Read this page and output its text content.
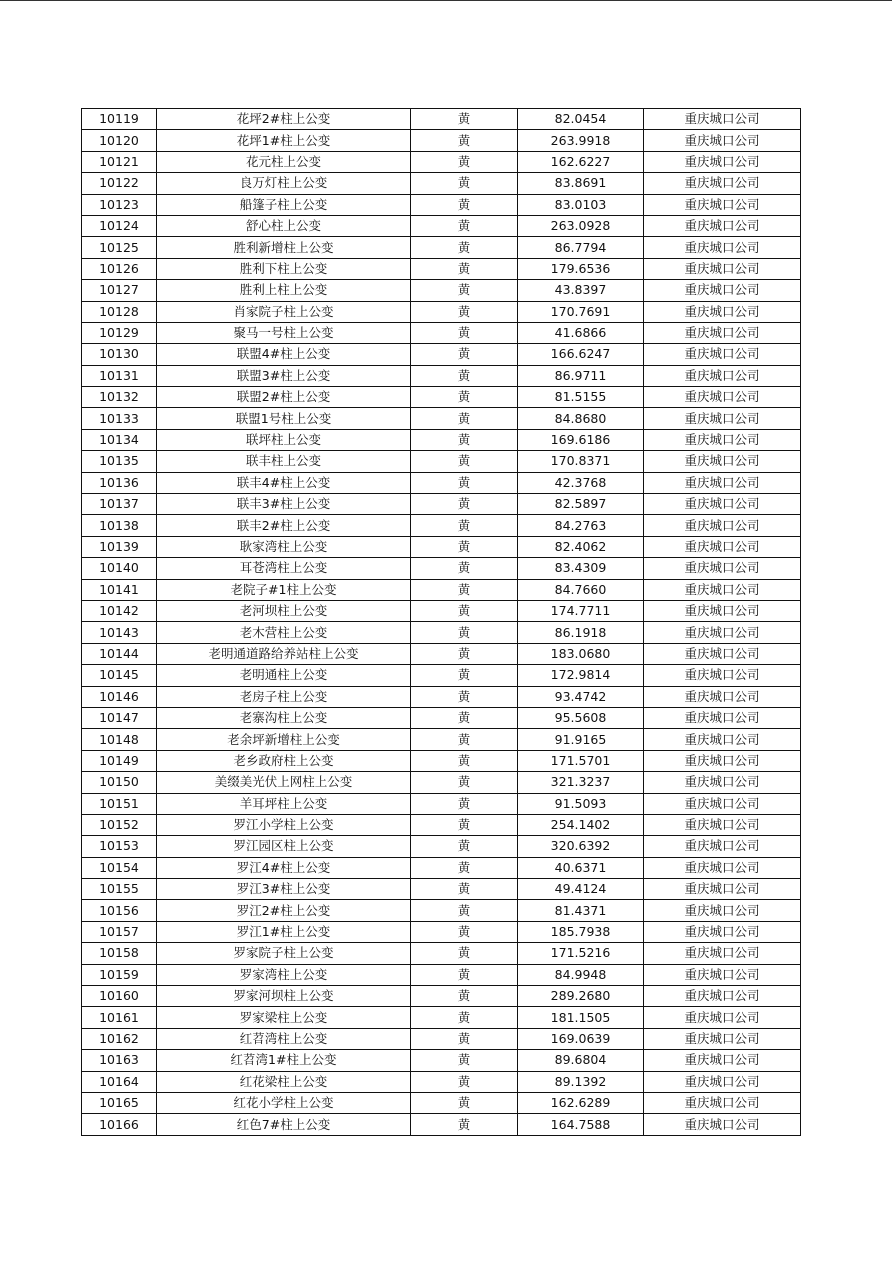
10119	花坪2#柱上公变	黄	82.0454	重庆城口公司
10120	花坪1#柱上公变	黄	263.9918	重庆城口公司
10121	花元柱上公变	黄	162.6227	重庆城口公司
10122	良万灯柱上公变	黄	83.8691	重庆城口公司
10123	船篷子柱上公变	黄	83.0103	重庆城口公司
10124	舒心柱上公变	黄	263.0928	重庆城口公司
10125	胜利新增柱上公变	黄	86.7794	重庆城口公司
10126	胜利下柱上公变	黄	179.6536	重庆城口公司
10127	胜利上柱上公变	黄	43.8397	重庆城口公司
10128	肖家院子柱上公变	黄	170.7691	重庆城口公司
10129	聚马一号柱上公变	黄	41.6866	重庆城口公司
10130	联盟4#柱上公变	黄	166.6247	重庆城口公司
10131	联盟3#柱上公变	黄	86.9711	重庆城口公司
10132	联盟2#柱上公变	黄	81.5155	重庆城口公司
10133	联盟1号柱上公变	黄	84.8680	重庆城口公司
10134	联坪柱上公变	黄	169.6186	重庆城口公司
10135	联丰柱上公变	黄	170.8371	重庆城口公司
10136	联丰4#柱上公变	黄	42.3768	重庆城口公司
10137	联丰3#柱上公变	黄	82.5897	重庆城口公司
10138	联丰2#柱上公变	黄	84.2763	重庆城口公司
10139	耿家湾柱上公变	黄	82.4062	重庆城口公司
10140	耳苍湾柱上公变	黄	83.4309	重庆城口公司
10141	老院子#1柱上公变	黄	84.7660	重庆城口公司
10142	老河坝柱上公变	黄	174.7711	重庆城口公司
10143	老木营柱上公变	黄	86.1918	重庆城口公司
10144	老明通道路给养站柱上公变	黄	183.0680	重庆城口公司
10145	老明通柱上公变	黄	172.9814	重庆城口公司
10146	老房子柱上公变	黄	93.4742	重庆城口公司
10147	老寨沟柱上公变	黄	95.5608	重庆城口公司
10148	老余坪新增柱上公变	黄	91.9165	重庆城口公司
10149	老乡政府柱上公变	黄	171.5701	重庆城口公司
10150	美缀美光伏上网柱上公变	黄	321.3237	重庆城口公司
10151	羊耳坪柱上公变	黄	91.5093	重庆城口公司
10152	罗江小学柱上公变	黄	254.1402	重庆城口公司
10153	罗江园区柱上公变	黄	320.6392	重庆城口公司
10154	罗江4#柱上公变	黄	40.6371	重庆城口公司
10155	罗江3#柱上公变	黄	49.4124	重庆城口公司
10156	罗江2#柱上公变	黄	81.4371	重庆城口公司
10157	罗江1#柱上公变	黄	185.7938	重庆城口公司
10158	罗家院子柱上公变	黄	171.5216	重庆城口公司
10159	罗家湾柱上公变	黄	84.9948	重庆城口公司
10160	罗家河坝柱上公变	黄	289.2680	重庆城口公司
10161	罗家梁柱上公变	黄	181.1505	重庆城口公司
10162	红苕湾柱上公变	黄	169.0639	重庆城口公司
10163	红苕湾1#柱上公变	黄	89.6804	重庆城口公司
10164	红花梁柱上公变	黄	89.1392	重庆城口公司
10165	红花小学柱上公变	黄	162.6289	重庆城口公司
10166	红色7#柱上公变	黄	164.7588	重庆城口公司
